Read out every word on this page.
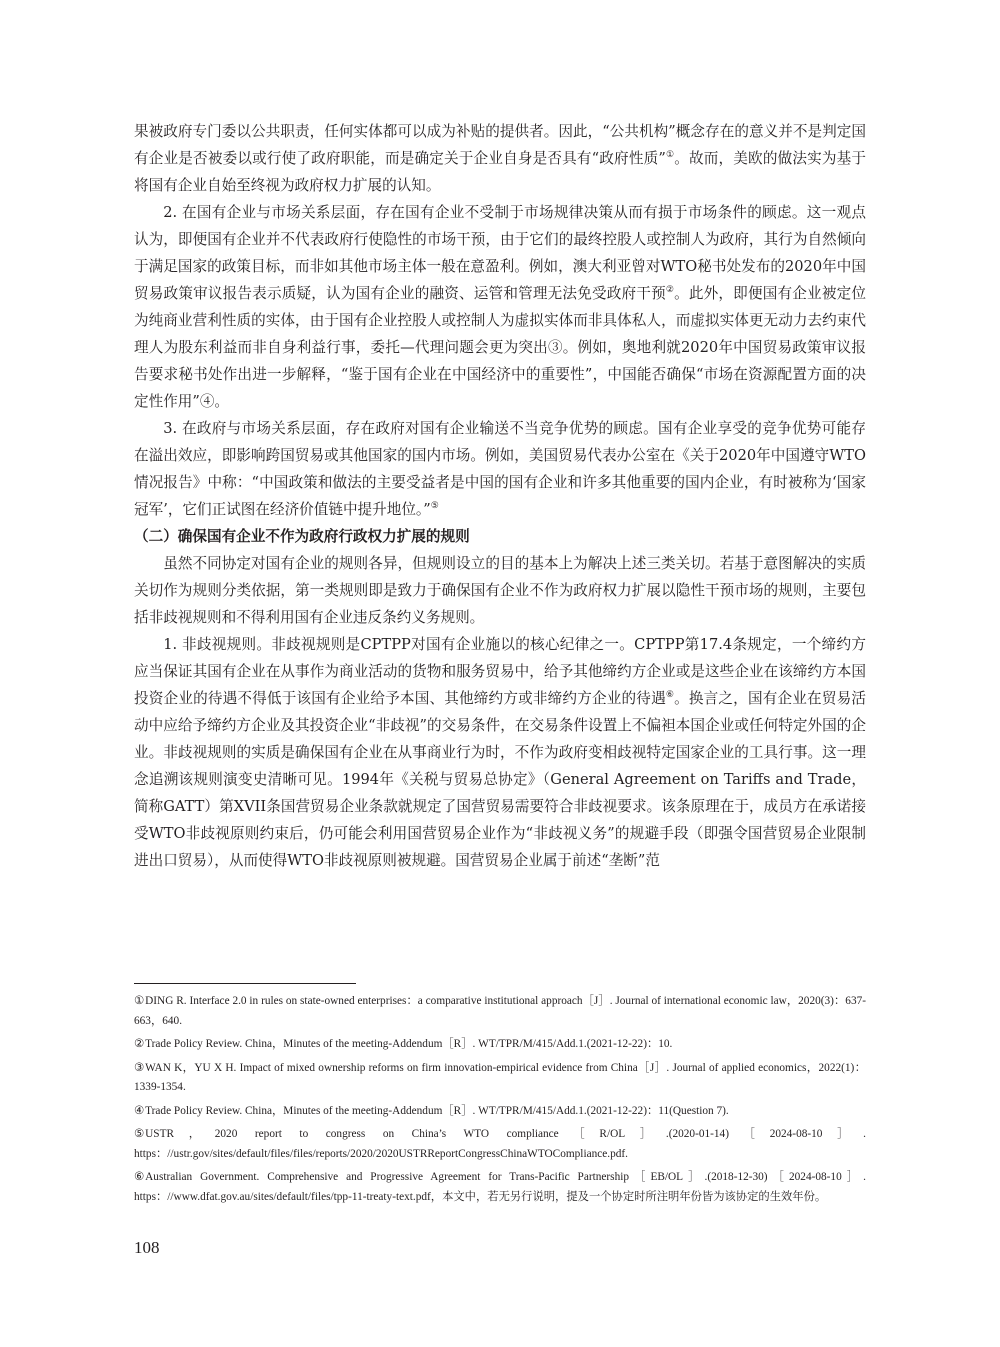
果被政府专门委以公共职责，任何实体都可以成为补贴的提供者。因此，“公共机构”概念存在的意义并不是判定国有企业是否被委以或行使了政府职能，而是确定关于企业自身是否具有“政府性质”①。故而，美欧的做法实为基于将国有企业自始至终视为政府权力扩展的认知。

2. 在国有企业与市场关系层面，存在国有企业不受制于市场规律决策从而有损于市场条件的顾虑。这一观点认为，即便国有企业并不代表政府行使隐性的市场干预，由于它们的最终控股人或控制人为政府，其行为自然倾向于满足国家的政策目标，而非如其他市场主体一般在意盈利。例如，澳大利亚曾对WTO秘书处发布的2020年中国贸易政策审议报告表示质疑，认为国有企业的融资、运管和管理无法免受政府干预②。此外，即便国有企业被定位为纯商业营利性质的实体，由于国有企业控股人或控制人为虚拟实体而非具体私人，而虚拟实体更无动力去约束代理人为股东利益而非自身利益行事，委托—代理问题会更为突出③。例如，奥地利就2020年中国贸易政策审议报告要求秘书处作出进一步解释，“鉴于国有企业在中国经济中的重要性”，中国能否确保“市场在资源配置方面的决定性作用”④。

3. 在政府与市场关系层面，存在政府对国有企业输送不当竞争优势的顾虑。国有企业享受的竞争优势可能存在溢出效应，即影响跨国贸易或其他国家的国内市场。例如，美国贸易代表办公室在《关于2020年中国遵守WTO情况报告》中称：“中国政策和做法的主要受益者是中国的国有企业和许多其他重要的国内企业，有时被称为‘国家冠军’，它们正试图在经济价值链中提升地位。”⑤

（二）确保国有企业不作为政府行政权力扩展的规则

虽然不同协定对国有企业的规则各异，但规则设立的目的基本上为解决上述三类关切。若基于意图解决的实质关切作为规则分类依据，第一类规则即是致力于确保国有企业不作为政府权力扩展以隐性干预市场的规则，主要包括非歧视规则和不得利用国有企业违反条约义务规则。

1. 非歧视规则。非歧视规则是CPTPP对国有企业施以的核心纪律之一。CPTPP第17.4条规定，一个缔约方应当保证其国有企业在从事作为商业活动的货物和服务贸易中，给予其他缔约方企业或是这些企业在该缔约方本国投资企业的待遇不得低于该国有企业给予本国、其他缔约方或非缔约方企业的待遇⑥。换言之，国有企业在贸易活动中应给予缔约方企业及其投资企业“非歧视”的交易条件，在交易条件设置上不偏袒本国企业或任何特定外国的企业。非歧视规则的实质是确保国有企业在从事商业行为时，不作为政府变相歧视特定国家企业的工具行事。这一理念追溯该规则演变史清晰可见。1994年《关税与贸易总协定》（General Agreement on Tariffs and Trade，简称GATT）第XVII条国营贸易企业条款就规定了国营贸易需要符合非歧视要求。该条原理在于，成员方在承诺接受WTO非歧视原则约束后，仍可能会利用国营贸易企业作为“非歧视义务”的规避手段（即强令国营贸易企业限制进出口贸易），从而使得WTO非歧视原则被规避。国营贸易企业属于前述“垄断”范

①DING R. Interface 2.0 in rules on state-owned enterprises：a comparative institutional approach［J］. Journal of international economic law，2020(3)：637-663，640.

②Trade Policy Review. China，Minutes of the meeting-Addendum［R］. WT/TPR/M/415/Add.1.(2021-12-22)：10.

③WAN K，YU X H. Impact of mixed ownership reforms on firm innovation-empirical evidence from China［J］. Journal of applied economics，2022(1)：1339-1354.

④Trade Policy Review. China，Minutes of the meeting-Addendum［R］. WT/TPR/M/415/Add.1.(2021-12-22)：11(Question 7).

⑤USTR，2020 report to congress on China’s WTO compliance［R/OL］.(2020-01-14)［2024-08-10］. https：//ustr.gov/sites/default/files/files/reports/2020/2020USTRReportCongressChinaWTOCompliance.pdf.

⑥Australian Government. Comprehensive and Progressive Agreement for Trans-Pacific Partnership［EB/OL］.(2018-12-30)［2024-08-10］. https：//www.dfat.gov.au/sites/default/files/tpp-11-treaty-text.pdf，本文中，若无另行说明，提及一个协定时所注明年份皆为该协定的生效年份。

108
